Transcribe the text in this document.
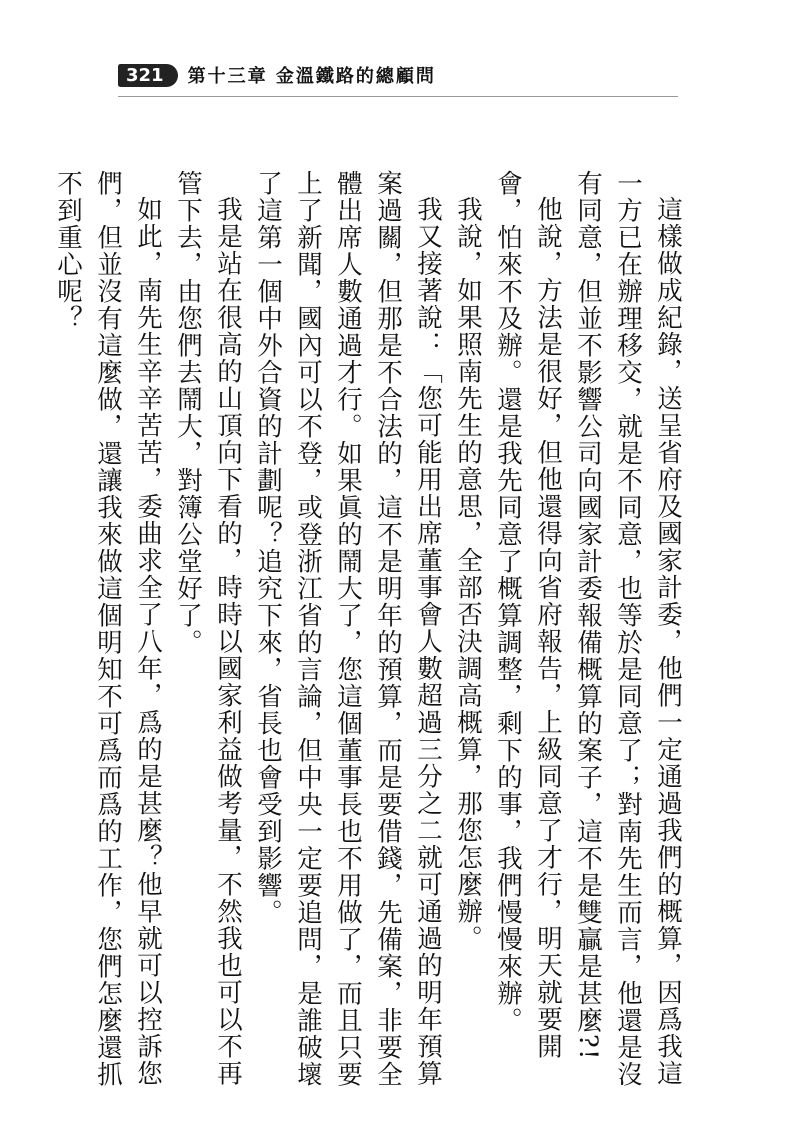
321	第十三章 金溫鐵路的總顧問

這樣做成紀錄，送呈省府及國家計委，他們一定通過我們的概算，因爲我這一方已在辦理移交，就是不同意，也等於是同意了；對南先生而言，他還是沒有同意，但並不影響公司向國家計委報備概算的案子，這不是雙贏是甚麼?!

他說，方法是很好，但他還得向省府報告，上級同意了才行，明天就要開會，怕來不及辦。還是我先同意了概算調整，剩下的事，我們慢慢來辦。

我說，如果照南先生的意思，全部否決調高概算，那您怎麼辦。

我又接著說：「您可能用出席董事會人數超過三分之二就可通過的明年預算案過關，但那是不合法的，這不是明年的預算，而是要借錢，先備案，非要全體出席人數通過才行。如果眞的鬧大了，您這個董事長也不用做了，而且只要上了新聞，國內可以不登，或登浙江省的言論，但中央一定要追問，是誰破壞了這第一個中外合資的計劃呢？追究下來，省長也會受到影響。

我是站在很高的山頂向下看的，時時以國家利益做考量，不然我也可以不再管下去，由您們去鬧大，對簿公堂好了。

如此，南先生辛辛苦苦，委曲求全了八年，爲的是甚麼？他早就可以控訴您們，但並沒有這麼做，還讓我來做這個明知不可爲而爲的工作，您們怎麼還抓不到重心呢？
